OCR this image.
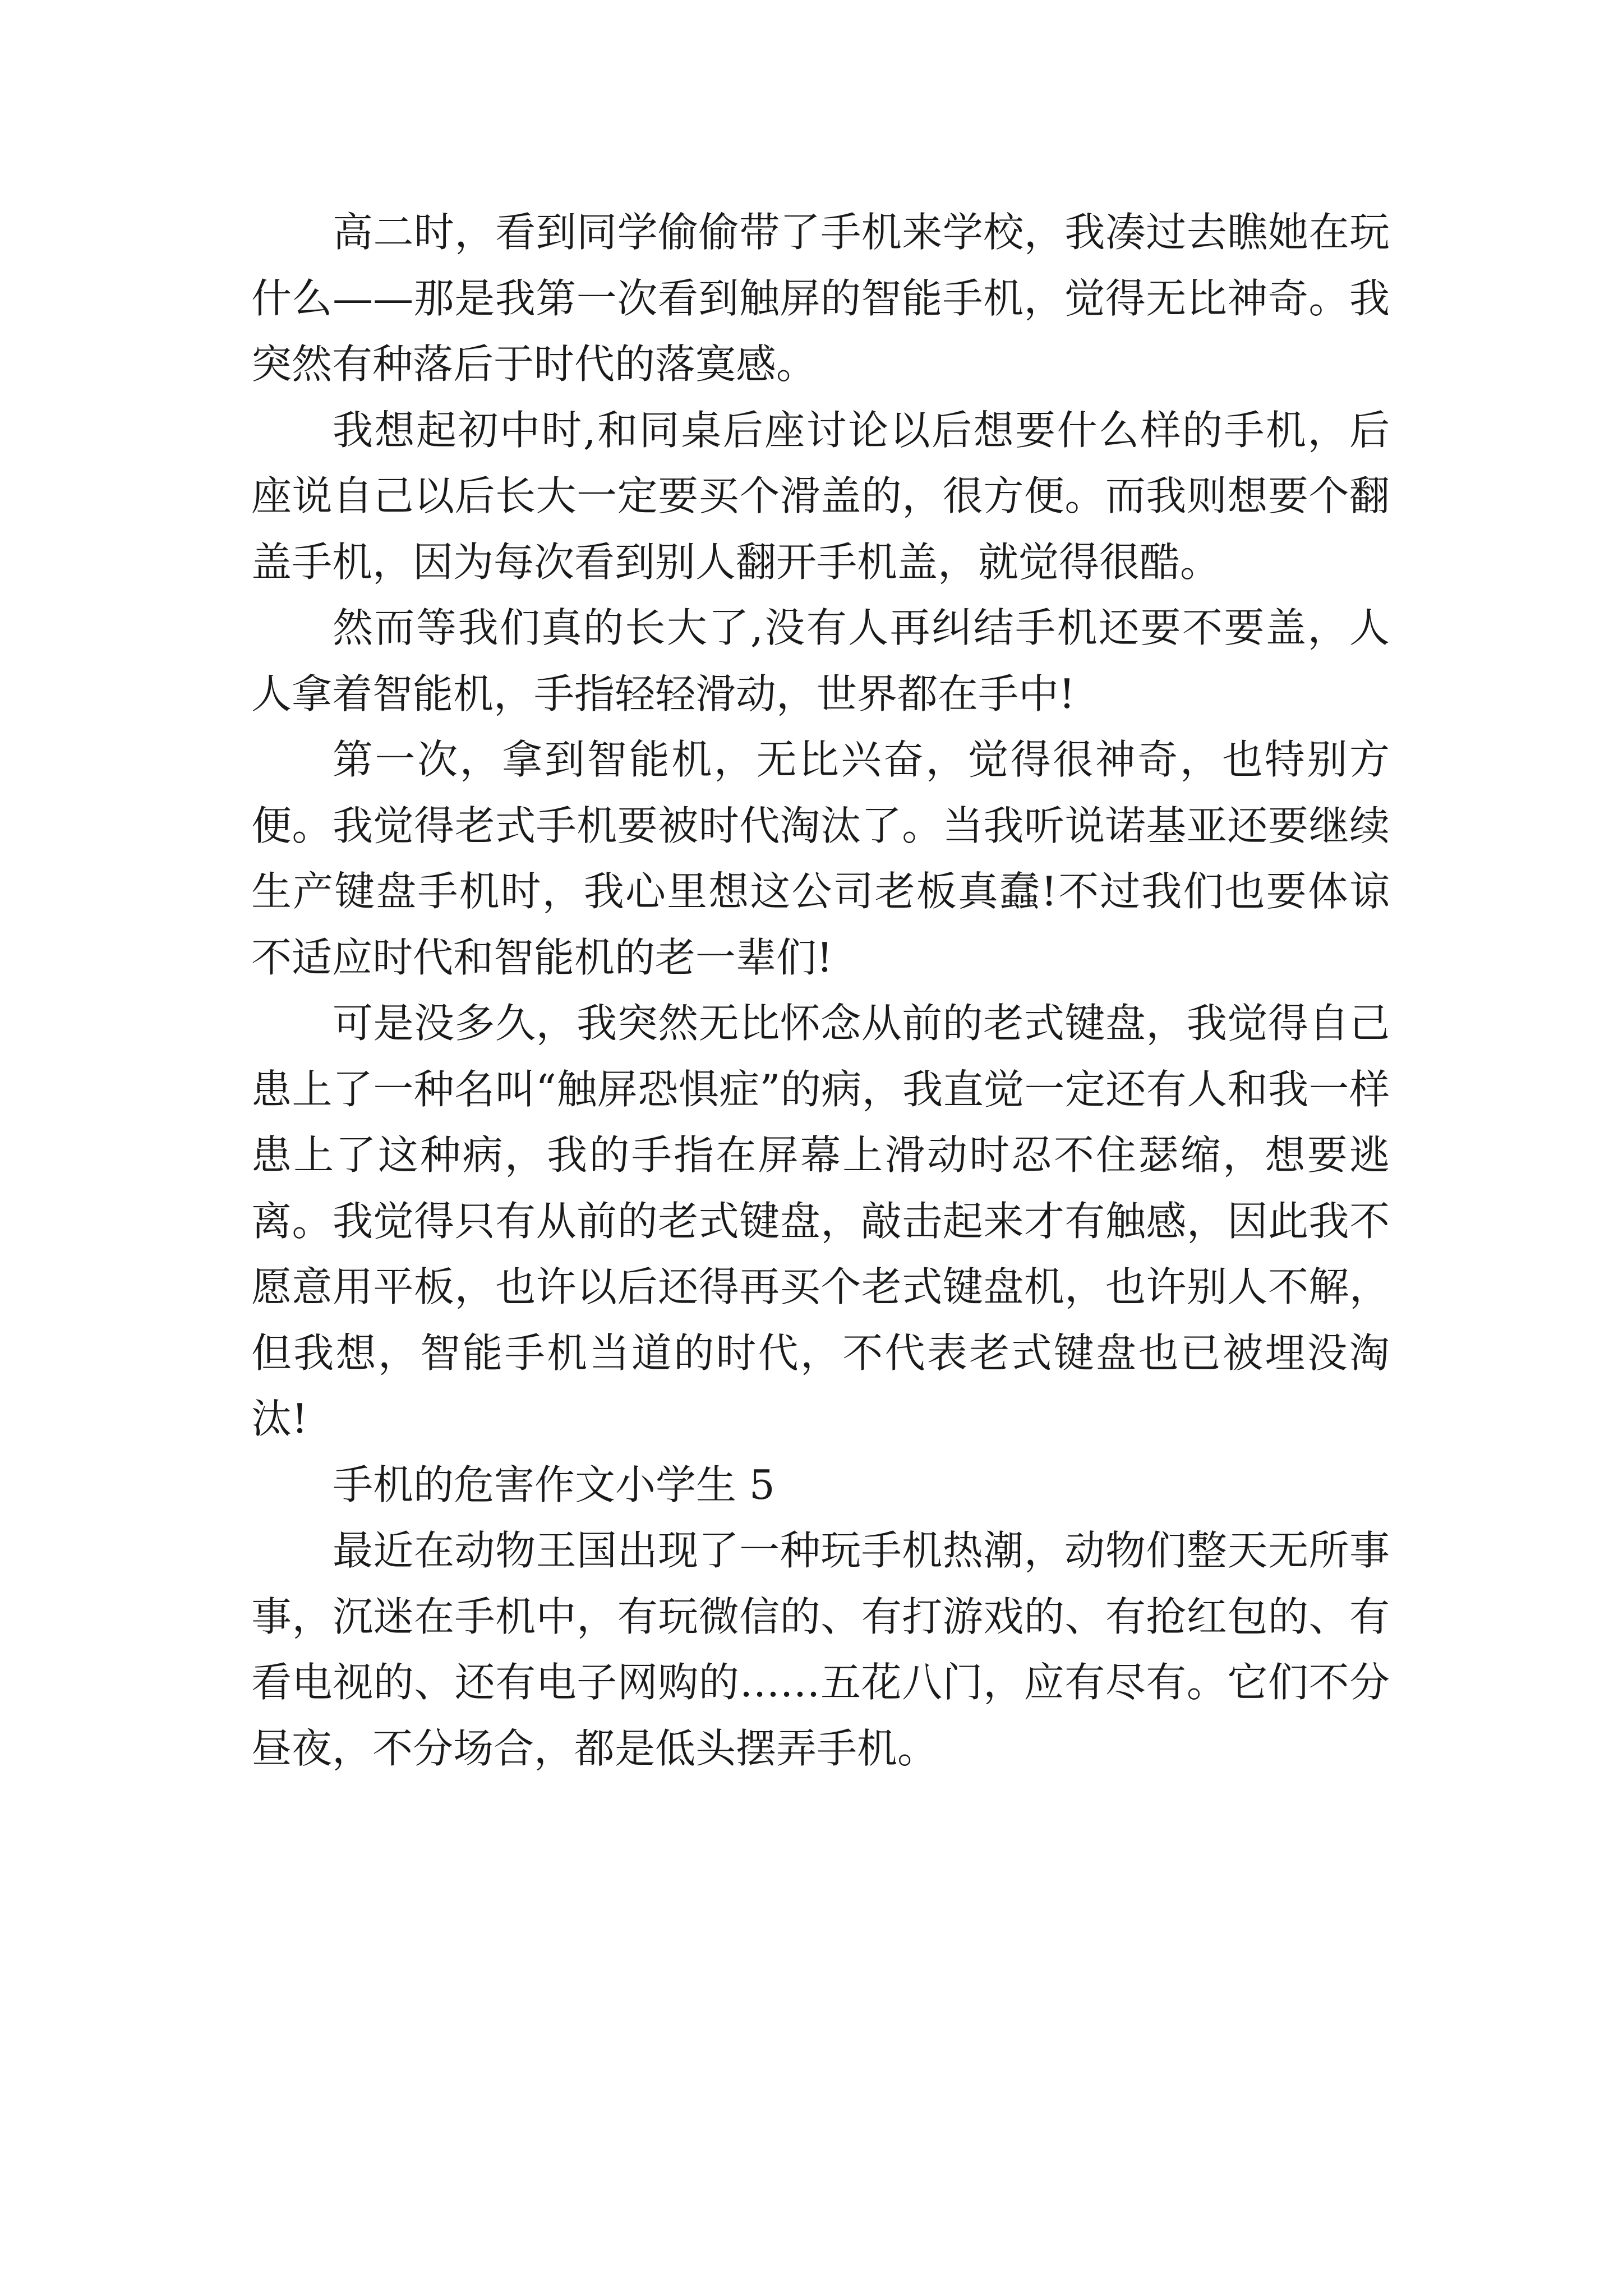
高二时，看到同学偷偷带了手机来学校，我凑过去瞧她在玩什么——那是我第一次看到触屏的智能手机，觉得无比神奇。我突然有种落后于时代的落寞感。

我想起初中时,和同桌后座讨论以后想要什么样的手机，后座说自己以后长大一定要买个滑盖的，很方便。而我则想要个翻盖手机，因为每次看到别人翻开手机盖，就觉得很酷。

然而等我们真的长大了,没有人再纠结手机还要不要盖，人人拿着智能机，手指轻轻滑动，世界都在手中!

第一次，拿到智能机，无比兴奋，觉得很神奇，也特别方便。我觉得老式手机要被时代淘汰了。当我听说诺基亚还要继续生产键盘手机时，我心里想这公司老板真蠢!不过我们也要体谅不适应时代和智能机的老一辈们!

可是没多久，我突然无比怀念从前的老式键盘，我觉得自己患上了一种名叫“触屏恐惧症”的病，我直觉一定还有人和我一样患上了这种病，我的手指在屏幕上滑动时忍不住瑟缩，想要逃离。我觉得只有从前的老式键盘，敲击起来才有触感，因此我不愿意用平板，也许以后还得再买个老式键盘机，也许别人不解，但我想，智能手机当道的时代，不代表老式键盘也已被埋没淘汰!

手机的危害作文小学生 5

最近在动物王国出现了一种玩手机热潮，动物们整天无所事事，沉迷在手机中，有玩微信的、有打游戏的、有抢红包的、有看电视的、还有电子网购的……五花八门，应有尽有。它们不分昼夜，不分场合，都是低头摆弄手机。
